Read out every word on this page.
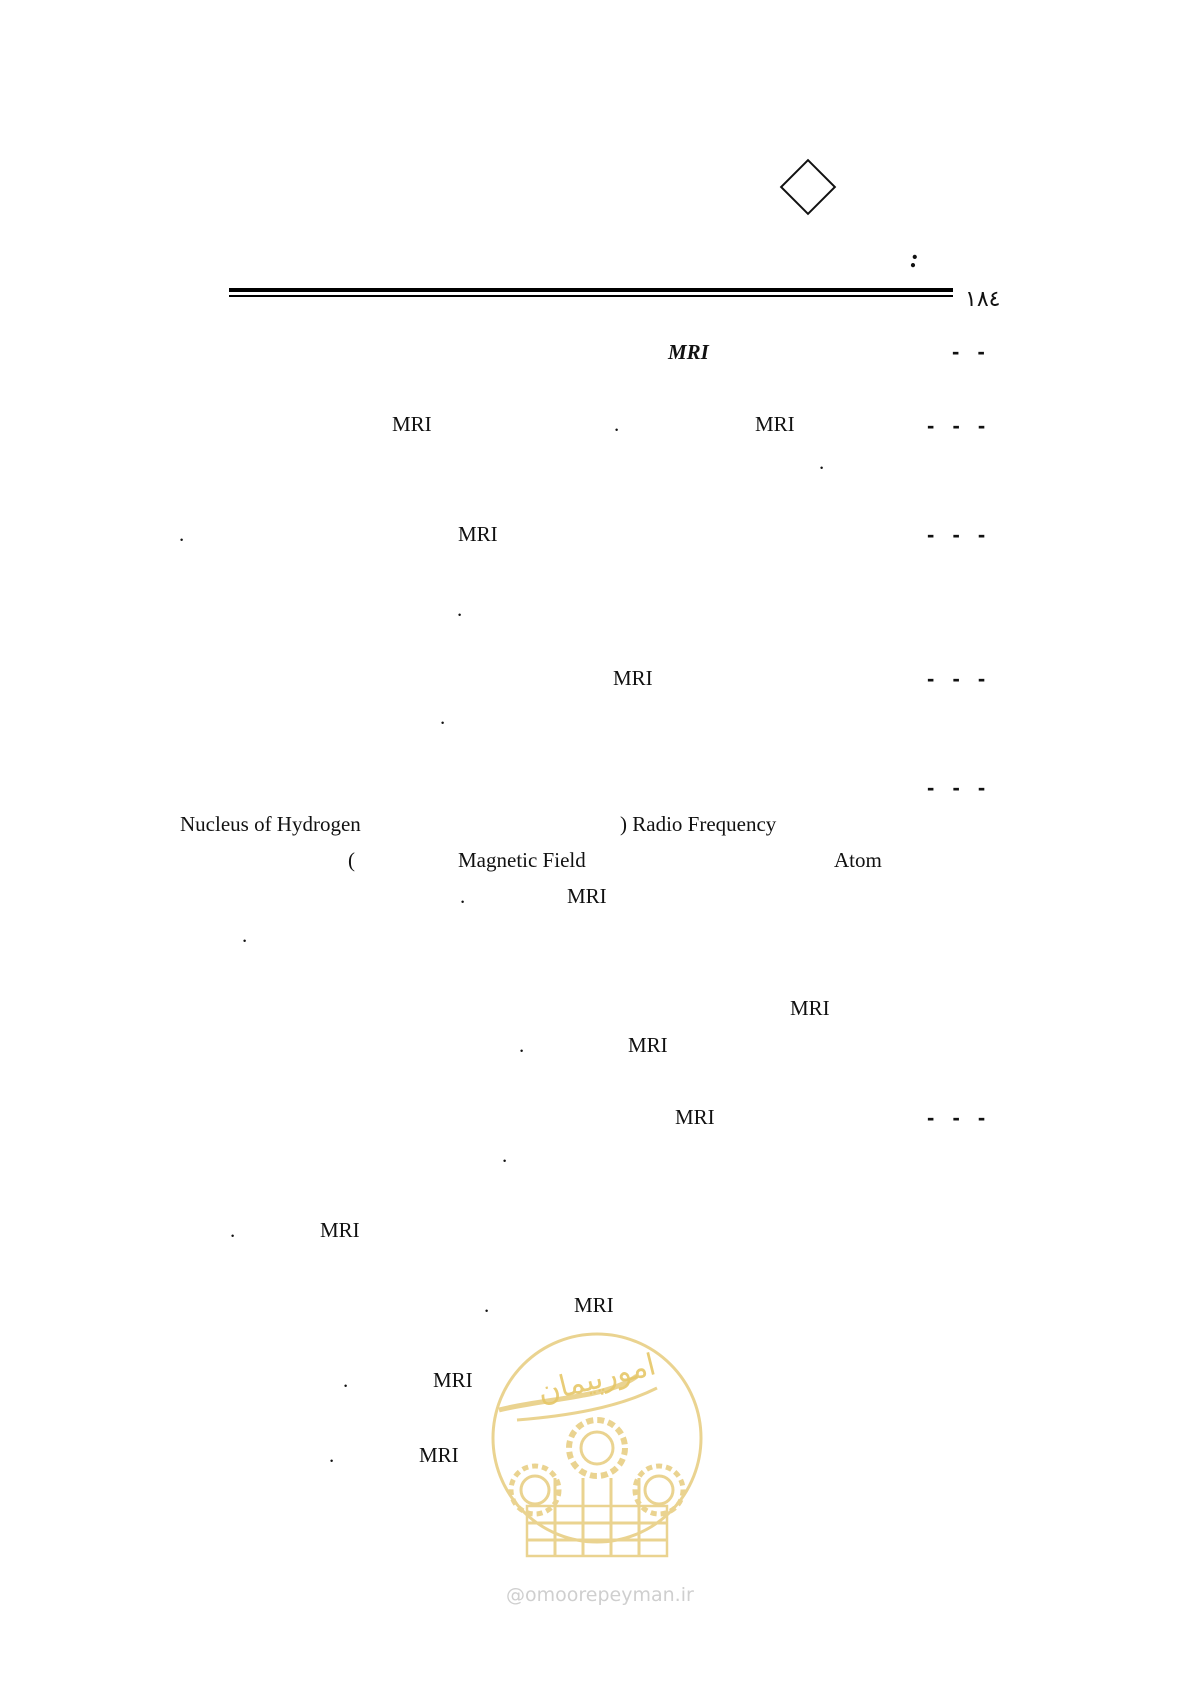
:
١٨٤
- -
MRI
- - -
MRI	.	MRI
.
- - -
.	MRI
.
- - -
MRI
.
- - -
Nucleus of Hydrogen	) Radio Frequency
(	Magnetic Field	Atom
.	MRI
.
MRI
.	MRI
- - -
MRI
.
.	MRI
.	MRI
.	MRI
.	MRI
امورپیمان
@omoorepeyman.ir
